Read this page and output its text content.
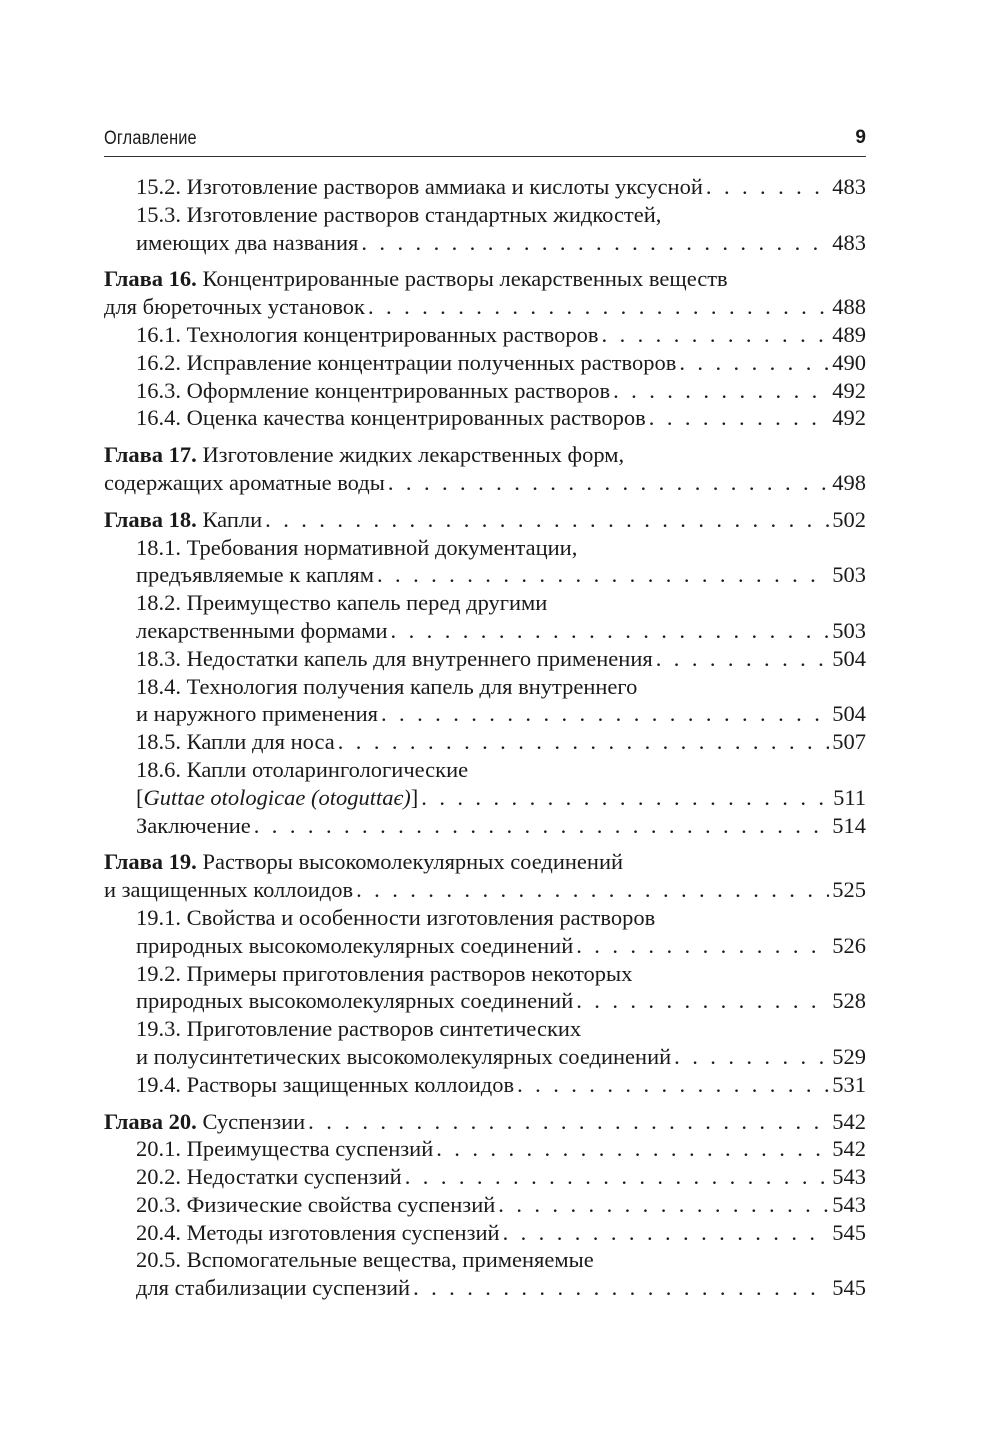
Оглавление	9
15.2. Изготовление растворов аммиака и кислоты уксусной . . .	483
15.3. Изготовление растворов стандартных жидкостей,
имеющих два названия . . .	483
Глава 16. Концентрированные растворы лекарственных веществ
для бюреточных установок . . .	488
16.1. Технология концентрированных растворов . . .	489
16.2. Исправление концентрации полученных растворов . . .	490
16.3. Оформление концентрированных растворов . . .	492
16.4. Оценка качества концентрированных растворов . . .	492
Глава 17. Изготовление жидких лекарственных форм,
содержащих ароматные воды . . .	498
Глава 18. Капли . . .	502
18.1. Требования нормативной документации,
предъявляемые к каплям . . .	503
18.2. Преимущество капель перед другими
лекарственными формами . . .	503
18.3. Недостатки капель для внутреннего применения . . .	504
18.4. Технология получения капель для внутреннего
и наружного применения . . .	504
18.5. Капли для носа . . .	507
18.6. Капли отоларингологические
[Guttae otologicae (otoguttaє)] . . .	511
Заключение . . .	514
Глава 19. Растворы высокомолекулярных соединений
и защищенных коллоидов . . .	525
19.1. Свойства и особенности изготовления растворов
природных высокомолекулярных соединений . . .	526
19.2. Примеры приготовления растворов некоторых
природных высокомолекулярных соединений . . .	528
19.3. Приготовление растворов синтетических
и полусинтетических высокомолекулярных соединений . . .	529
19.4. Растворы защищенных коллоидов . . .	531
Глава 20. Суспензии . . .	542
20.1. Преимущества суспензий . . .	542
20.2. Недостатки суспензий . . .	543
20.3. Физические свойства суспензий . . .	543
20.4. Методы изготовления суспензий . . .	545
20.5. Вспомогательные вещества, применяемые
для стабилизации суспензий . . .	545
